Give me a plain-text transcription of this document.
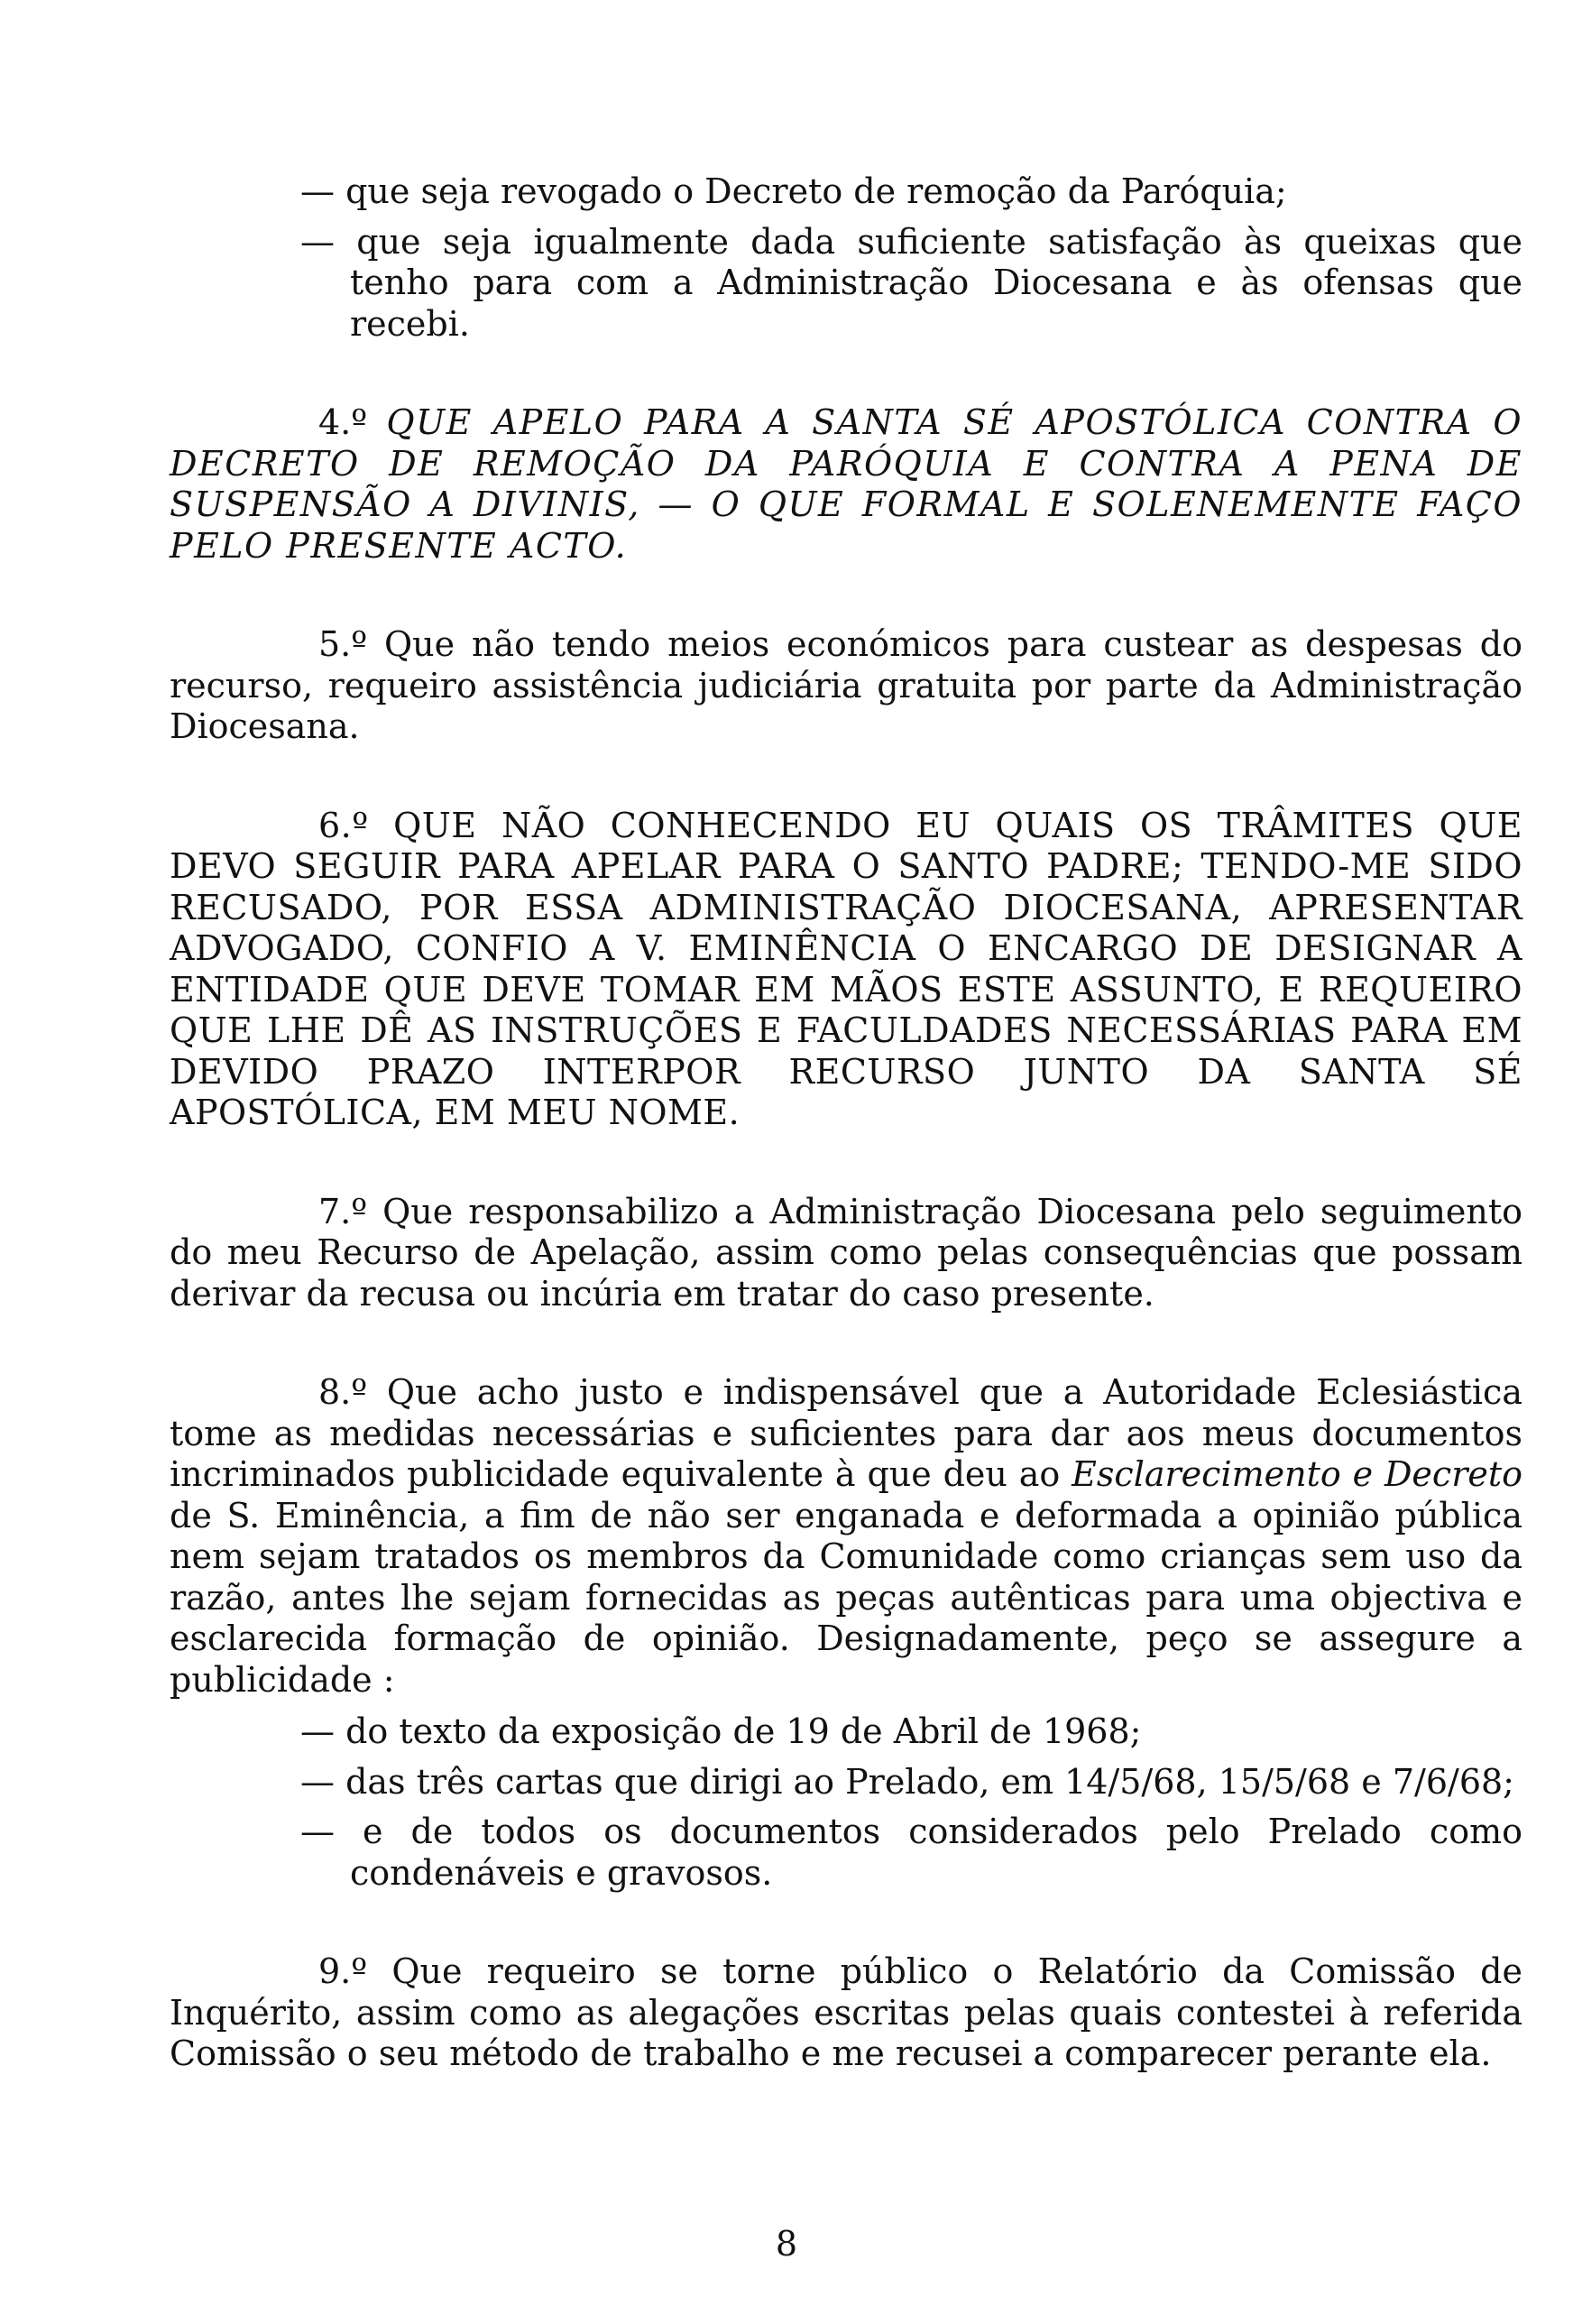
— que seja revogado o Decreto de remoção da Paróquia;

— que seja igualmente dada suficiente satisfação às queixas que tenho para com a Administração Diocesana e às ofensas que recebi.

4.º QUE APELO PARA A SANTA SÉ APOSTÓLICA CONTRA O DECRETO DE REMOÇÃO DA PARÓQUIA E CONTRA A PENA DE SUSPENSÃO A DIVINIS, — O QUE FORMAL E SOLENEMENTE FAÇO PELO PRESENTE ACTO.

5.º Que não tendo meios económicos para custear as despesas do recurso, requeiro assistência judiciária gratuita por parte da Administração Diocesana.

6.º QUE NÃO CONHECENDO EU QUAIS OS TRÂMITES QUE DEVO SEGUIR PARA APELAR PARA O SANTO PADRE; TENDO-ME SIDO RECUSADO, POR ESSA ADMINISTRAÇÃO DIOCESANA, APRESENTAR ADVOGADO, CONFIO A V. EMINÊNCIA O ENCARGO DE DESIGNAR A ENTIDADE QUE DEVE TOMAR EM MÃOS ESTE ASSUNTO, E REQUEIRO QUE LHE DÊ AS INSTRUÇÕES E FACULDADES NECESSÁRIAS PARA EM DEVIDO PRAZO INTERPOR RECURSO JUNTO DA SANTA SÉ APOSTÓLICA, EM MEU NOME.

7.º Que responsabilizo a Administração Diocesana pelo seguimento do meu Recurso de Apelação, assim como pelas consequências que possam derivar da recusa ou incúria em tratar do caso presente.

8.º Que acho justo e indispensável que a Autoridade Eclesiástica tome as medidas necessárias e suficientes para dar aos meus documentos incriminados publicidade equivalente à que deu ao Esclarecimento e Decreto de S. Eminência, a fim de não ser enganada e deformada a opinião pública nem sejam tratados os membros da Comunidade como crianças sem uso da razão, antes lhe sejam fornecidas as peças autênticas para uma objectiva e esclarecida formação de opinião. Designadamente, peço se assegure a publicidade :

— do texto da exposição de 19 de Abril de 1968;

— das três cartas que dirigi ao Prelado, em 14/5/68, 15/5/68 e 7/6/68;

— e de todos os documentos considerados pelo Prelado como condenáveis e gravosos.

9.º Que requeiro se torne público o Relatório da Comissão de Inquérito, assim como as alegações escritas pelas quais contestei à referida Comissão o seu método de trabalho e me recusei a comparecer perante ela.

8
